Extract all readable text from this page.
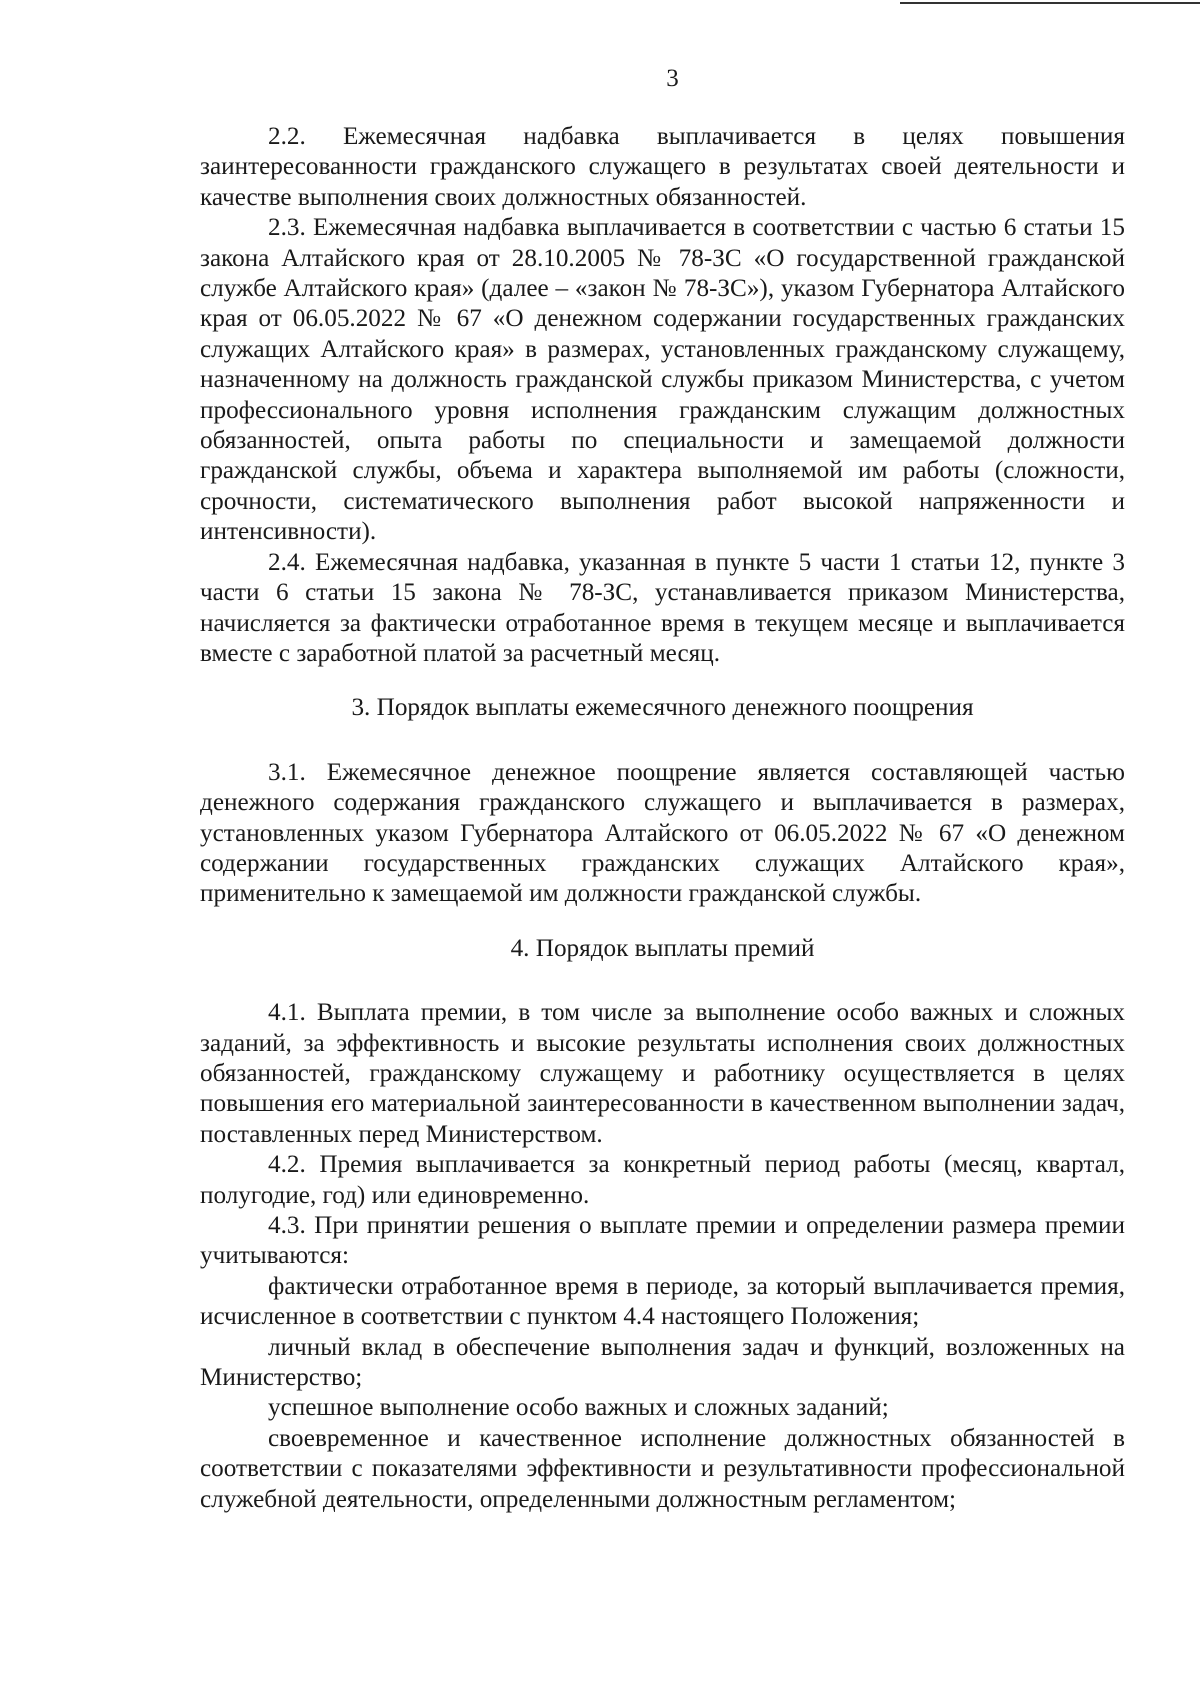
3

2.2. Ежемесячная надбавка выплачивается в целях повышения заинтересованности гражданского служащего в результатах своей деятельности и качестве выполнения своих должностных обязанностей.

2.3. Ежемесячная надбавка выплачивается в соответствии с частью 6 статьи 15 закона Алтайского края от 28.10.2005 № 78-ЗС «О государственной гражданской службе Алтайского края» (далее – «закон № 78-ЗС»), указом Губернатора Алтайского края от 06.05.2022 № 67 «О денежном содержании государственных гражданских служащих Алтайского края» в размерах, установленных гражданскому служащему, назначенному на должность гражданской службы приказом Министерства, с учетом профессионального уровня исполнения гражданским служащим должностных обязанностей, опыта работы по специальности и замещаемой должности гражданской службы, объема и характера выполняемой им работы (сложности, срочности, систематического выполнения работ высокой напряженности и интенсивности).

2.4. Ежемесячная надбавка, указанная в пункте 5 части 1 статьи 12, пункте 3 части 6 статьи 15 закона № 78-ЗС, устанавливается приказом Министерства, начисляется за фактически отработанное время в текущем месяце и выплачивается вместе с заработной платой за расчетный месяц.

3. Порядок выплаты ежемесячного денежного поощрения

3.1. Ежемесячное денежное поощрение является составляющей частью денежного содержания гражданского служащего и выплачивается в размерах, установленных указом Губернатора Алтайского от 06.05.2022 № 67 «О денежном содержании государственных гражданских служащих Алтайского края», применительно к замещаемой им должности гражданской службы.

4. Порядок выплаты премий

4.1. Выплата премии, в том числе за выполнение особо важных и сложных заданий, за эффективность и высокие результаты исполнения своих должностных обязанностей, гражданскому служащему и работнику осуществляется в целях повышения его материальной заинтересованности в качественном выполнении задач, поставленных перед Министерством.

4.2. Премия выплачивается за конкретный период работы (месяц, квартал, полугодие, год) или единовременно.

4.3. При принятии решения о выплате премии и определении размера премии учитываются:

фактически отработанное время в периоде, за который выплачивается премия, исчисленное в соответствии с пунктом 4.4 настоящего Положения;

личный вклад в обеспечение выполнения задач и функций, возложенных на Министерство;

успешное выполнение особо важных и сложных заданий;

своевременное и качественное исполнение должностных обязанностей в соответствии с показателями эффективности и результативности профессиональной служебной деятельности, определенными должностным регламентом;
